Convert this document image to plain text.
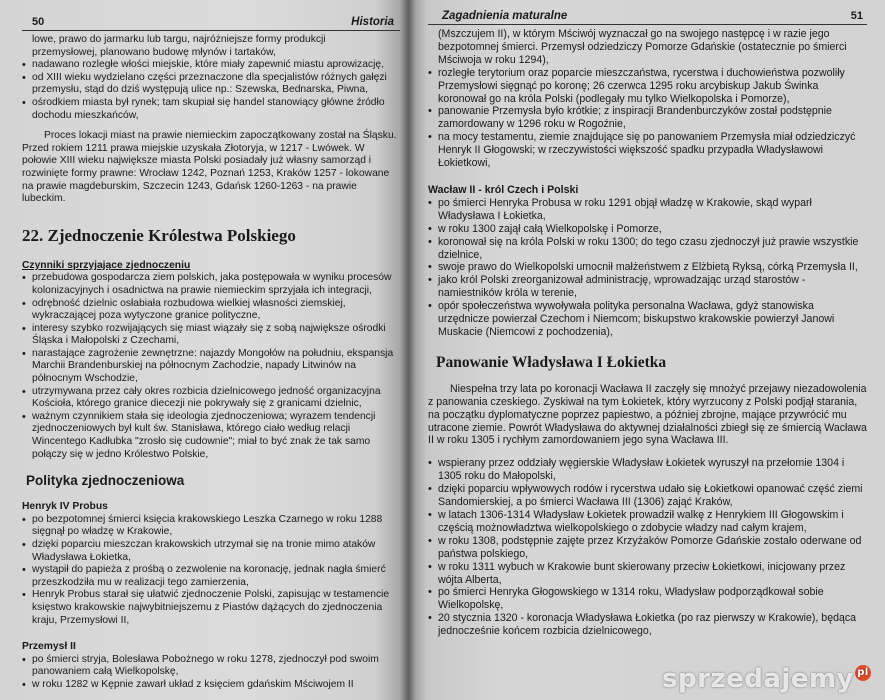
50	Historia
lowe, prawo do jarmarku lub targu, najróżniejsze formy produkcji
przemysłowej, planowano budowę młynów i tartaków,
• nadawano rozległe włości miejskie, które miały zapewnić miastu aprowizację,
• od XIII wieku wydzielano części przeznaczone dla specjalistów różnych gałęzi przemysłu, stąd do dziś występują ulice np.: Szewska, Bednarska, Piwna,
• ośrodkiem miasta był rynek; tam skupiał się handel stanowiący główne źródło dochodu mieszkańców,

Proces lokacji miast na prawie niemieckim zapoczątkowany został na Śląsku. Przed rokiem 1211 prawa miejskie uzyskała Złotoryja, w 1217 - Lwówek. W połowie XIII wieku największe miasta Polski posiadały już własny samorząd i rozwinięte formy prawne: Wrocław 1242, Poznań 1253, Kraków 1257 - lokowane na prawie magdeburskim, Szczecin 1243, Gdańsk 1260-1263 - na prawie lubeckim.

22. Zjednoczenie Królestwa Polskiego
Czynniki sprzyjające zjednoczeniu
• przebudowa gospodarcza ziem polskich, jaka postępowała w wyniku procesów kolonizacyjnych i osadnictwa na prawie niemieckim sprzyjała ich integracji,
• odrębność dzielnic osłabiała rozbudowa wielkiej własności ziemskiej, wykraczającej poza wytyczone granice polityczne,
• interesy szybko rozwijających się miast wiązały się z sobą największe ośrodki Śląska i Małopolski z Czechami,
• narastające zagrożenie zewnętrzne: najazdy Mongołów na południu, ekspansja Marchii Brandenburskiej na północnym Zachodzie, napady Litwinów na północnym Wschodzie,
• utrzymywana przez cały okres rozbicia dzielnicowego jedność organizacyjna Kościoła, którego granice diecezji nie pokrywały się z granicami dzielnic,
• ważnym czynnikiem stała się ideologia zjednoczeniowa; wyrazem tendencji zjednoczeniowych był kult św. Stanisława, którego ciało według relacji Wincentego Kadłubka "zrosło się cudownie"; miał to być znak że tak samo połączy się w jedno Królestwo Polskie,
Polityka zjednoczeniowa
Henryk IV Probus
• po bezpotomnej śmierci księcia krakowskiego Leszka Czarnego w roku 1288 sięgnął po władzę w Krakowie,
• dzięki poparciu mieszczan krakowskich utrzymał się na tronie mimo ataków Władysława Łokietka,
• wystąpił do papieża z prośbą o zezwolenie na koronację, jednak nagła śmierć przeszkodziła mu w realizacji tego zamierzenia,
• Henryk Probus starał się ułatwić zjednoczenie Polski, zapisując w testamencie księstwo krakowskie najwybitniejszemu z Piastów dążących do zjednoczenia kraju, Przemysłowi II,
Przemysł II
• po śmierci stryja, Bolesława Pobożnego w roku 1278, zjednoczył pod swoim panowaniem całą Wielkopolskę,
• w roku 1282 w Kępnie zawarł układ z księciem gdańskim Mściwojem II
Zagadnienia maturalne	51
(Mszczujem II), w którym Mściwój wyznaczał go na swojego następcę i w razie jego bezpotomnej śmierci. Przemysł odziedziczy Pomorze Gdańskie (ostatecznie po śmierci Mściwoja w roku 1294),
• rozległe terytorium oraz poparcie mieszczaństwa, rycerstwa i duchowieństwa pozwoliły Przemysłowi sięgnąć po koronę; 26 czerwca 1295 roku arcybiskup Jakub Świnka koronował go na króla Polski (podlegały mu tylko Wielkopolska i Pomorze),
• panowanie Przemysła było krótkie; z inspiracji Brandenburczyków został podstępnie zamordowany w 1296 roku w Rogoźnie,
• na mocy testamentu, ziemie znajdujące się po panowaniem Przemysła miał odziedziczyć Henryk II Głogowski; w rzeczywistości większość spadku przypadła Władysławowi Łokietkowi,
Wacław II - król Czech i Polski
• po śmierci Henryka Probusa w roku 1291 objął władzę w Krakowie, skąd wyparł Władysława I Łokietka,
• w roku 1300 zajął całą Wielkopolskę i Pomorze,
• koronował się na króla Polski w roku 1300; do tego czasu zjednoczył już prawie wszystkie dzielnice,
• swoje prawo do Wielkopolski umocnił małżeństwem z Elżbietą Ryksą, córką Przemysła II,
• jako król Polski zreorganizował administrację, wprowadzając urząd starostów - namiestników króla w terenie,
• opór społeczeństwa wywoływała polityka personalna Wacława, gdyż stanowiska urzędnicze powierzał Czechom i Niemcom; biskupstwo krakowskie powierzył Janowi Muskacie (Niemcowi z pochodzenia),
Panowanie Władysława I Łokietka

Niespełna trzy lata po koronacji Wacława II zaczęły się mnożyć przejawy niezadowolenia z panowania czeskiego. Zyskiwał na tym Łokietek, który wyrzucony z Polski podjął starania, na początku dyplomatyczne poprzez papiestwo, a później zbrojne, mające przywrócić mu utracone ziemie. Powrót Władysława do aktywnej działalności zbiegł się ze śmiercią Wacława II w roku 1305 i rychłym zamordowaniem jego syna Wacława III.

• wspierany przez oddziały węgierskie Władysław Łokietek wyruszył na przełomie 1304 i 1305 roku do Małopolski,
• dzięki poparciu wpływowych rodów i rycerstwa udało się Łokietkowi opanować część ziemi Sandomierskiej, a po śmierci Wacława III (1306) zająć Kraków,
• w latach 1306-1314 Władysław Łokietek prowadził walkę z Henrykiem III Głogowskim i częścią możnowładztwa wielkopolskiego o zdobycie władzy nad całym krajem,
• w roku 1308, podstępnie zajęte przez Krzyżaków Pomorze Gdańskie zostało oderwane od państwa polskiego,
• w roku 1311 wybuch w Krakowie bunt skierowany przeciw Łokietkowi, inicjowany przez wójta Alberta,
• po śmierci Henryka Głogowskiego w 1314 roku, Władysław podporządkował sobie Wielkopolskę,
• 20 stycznia 1320 - koronacja Władysława Łokietka (po raz pierwszy w Krakowie), będąca jednocześnie końcem rozbicia dzielnicowego,
sprzedajemy pl
